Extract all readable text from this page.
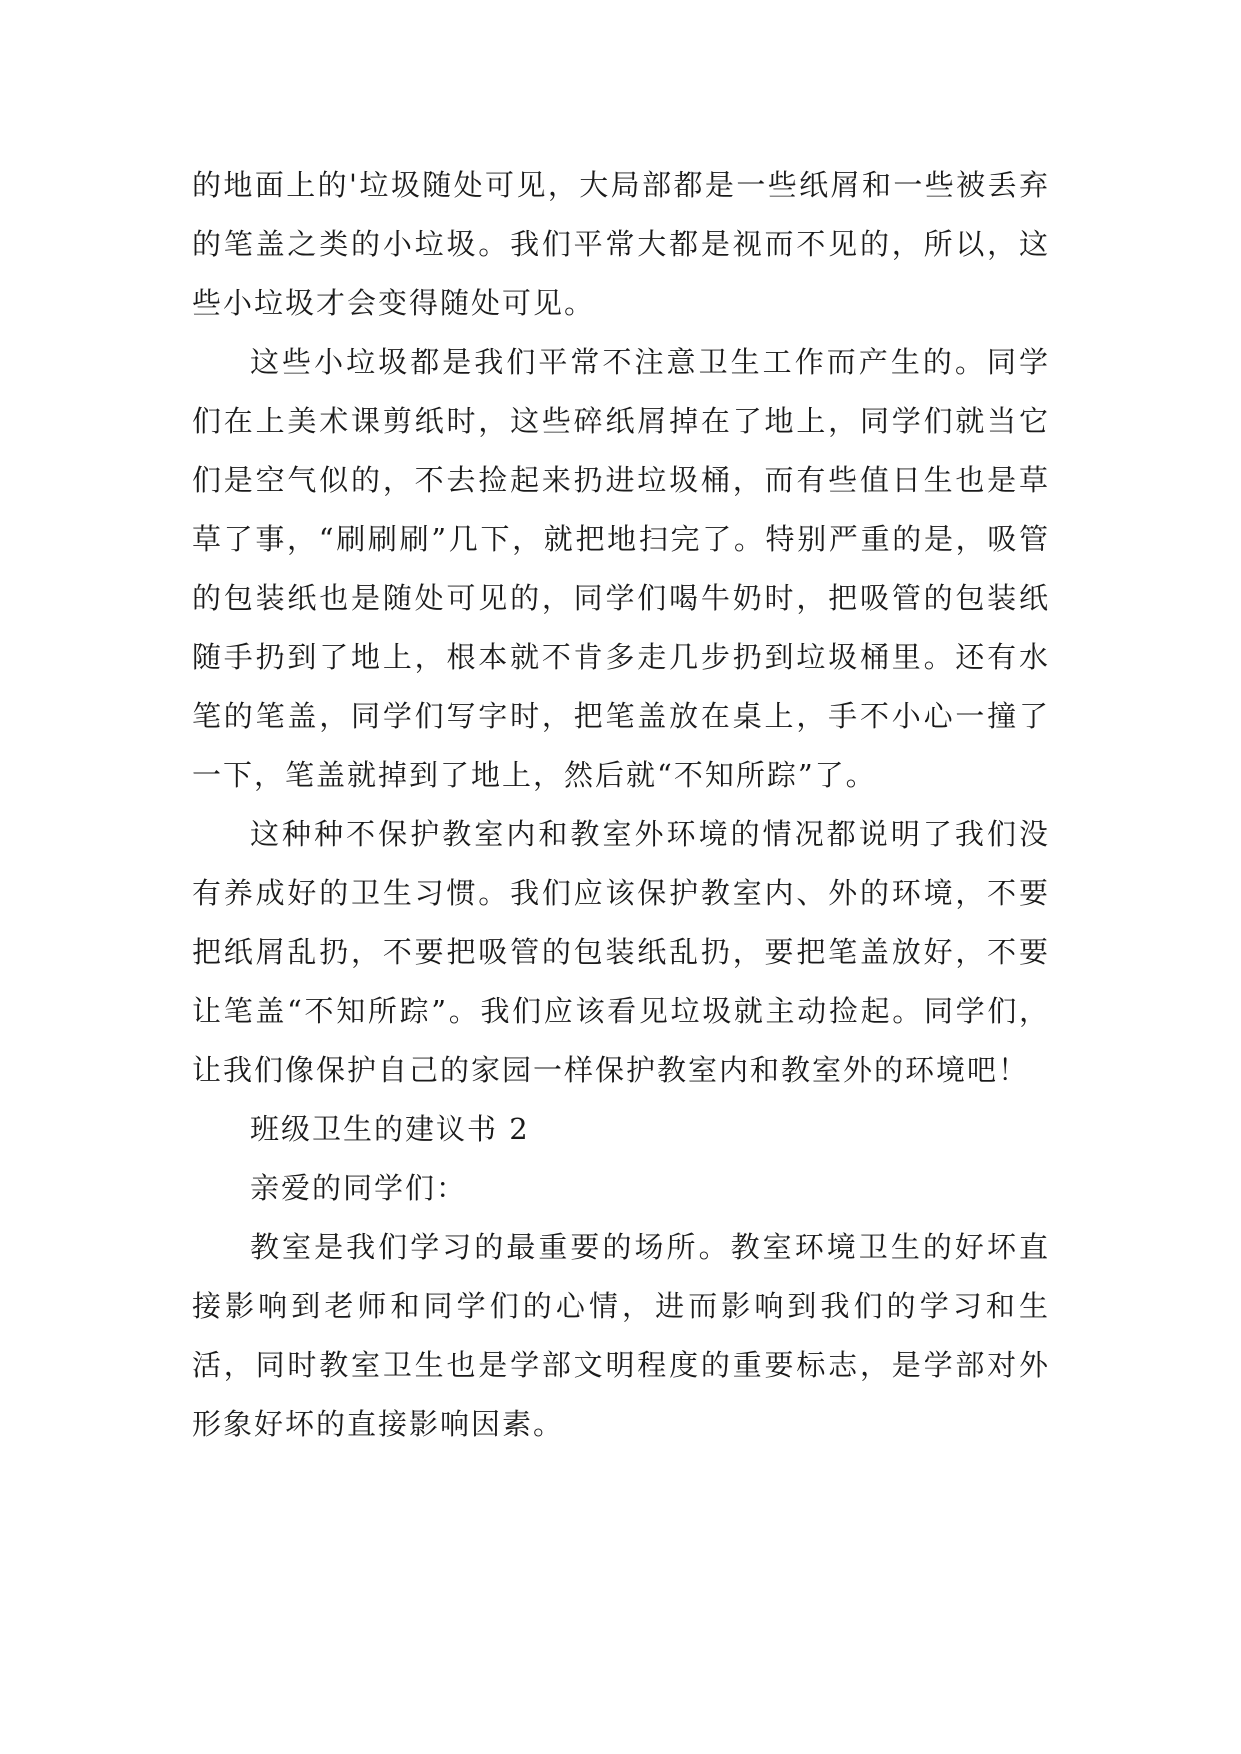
的地面上的'垃圾随处可见，大局部都是一些纸屑和一些被丢弃的笔盖之类的小垃圾。我们平常大都是视而不见的，所以，这些小垃圾才会变得随处可见。

这些小垃圾都是我们平常不注意卫生工作而产生的。同学们在上美术课剪纸时，这些碎纸屑掉在了地上，同学们就当它们是空气似的，不去捡起来扔进垃圾桶，而有些值日生也是草草了事，“刷刷刷”几下，就把地扫完了。特别严重的是，吸管的包装纸也是随处可见的，同学们喝牛奶时，把吸管的包装纸随手扔到了地上，根本就不肯多走几步扔到垃圾桶里。还有水笔的笔盖，同学们写字时，把笔盖放在桌上，手不小心一撞了一下，笔盖就掉到了地上，然后就“不知所踪”了。

这种种不保护教室内和教室外环境的情况都说明了我们没有养成好的卫生习惯。我们应该保护教室内、外的环境，不要把纸屑乱扔，不要把吸管的包装纸乱扔，要把笔盖放好，不要让笔盖“不知所踪”。我们应该看见垃圾就主动捡起。同学们，让我们像保护自己的家园一样保护教室内和教室外的环境吧！

班级卫生的建议书 2

亲爱的同学们：

教室是我们学习的最重要的场所。教室环境卫生的好坏直接影响到老师和同学们的心情，进而影响到我们的学习和生活，同时教室卫生也是学部文明程度的重要标志，是学部对外形象好坏的直接影响因素。
